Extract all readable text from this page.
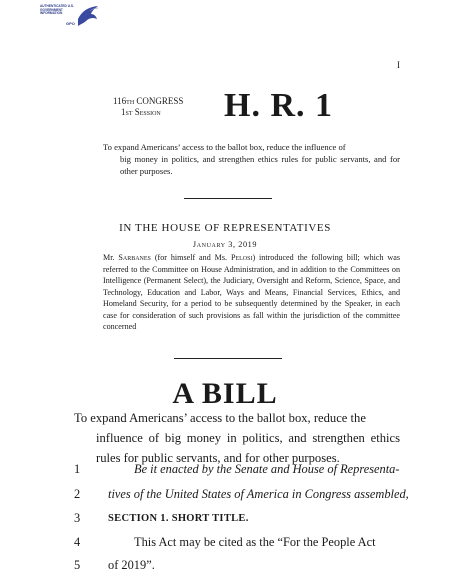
AUTHENTICATED U.S. GOVERNMENT INFORMATION
GPO
I
116th CONGRESS
1st Session	H. R. 1
To expand Americans’ access to the ballot box, reduce the influence of
big money in politics, and strengthen ethics rules for public servants, and for other purposes.
IN THE HOUSE OF REPRESENTATIVES
January 3, 2019
Mr. Sarbanes (for himself and Ms. Pelosi) introduced the following bill; which was referred to the Committee on House Administration, and in addition to the Committees on Intelligence (Permanent Select), the Judiciary, Oversight and Reform, Science, Space, and Technology, Education and Labor, Ways and Means, Financial Services, Ethics, and Homeland Security, for a period to be subsequently determined by the Speaker, in each case for consideration of such provisions as fall within the jurisdiction of the committee concerned
A BILL
To expand Americans’ access to the ballot box, reduce the
influence of big money in politics, and strengthen ethics rules for public servants, and for other purposes.
1	Be it enacted by the Senate and House of Representa-
2	tives of the United States of America in Congress assembled,
3	SECTION 1. SHORT TITLE.
4	This Act may be cited as the “For the People Act
5	of 2019”.
